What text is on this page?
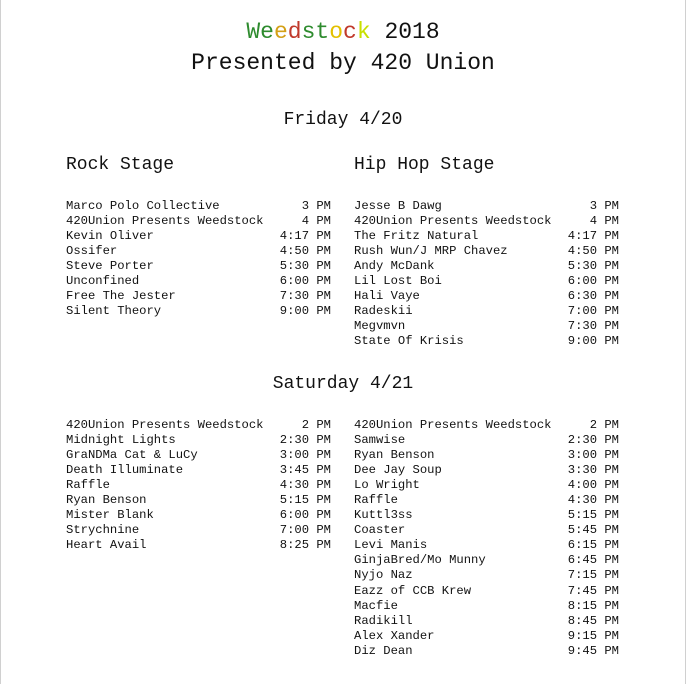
Weedstock 2018
Presented by 420 Union
Friday 4/20
Rock Stage	Hip Hop Stage
Marco Polo Collective	3 PM
420Union Presents Weedstock	4 PM
Kevin Oliver	4:17 PM
Ossifer	4:50 PM
Steve Porter	5:30 PM
Unconfined	6:00 PM
Free The Jester	7:30 PM
Silent Theory	9:00 PM
Jesse B Dawg	3 PM
420Union Presents Weedstock	4 PM
The Fritz Natural	4:17 PM
Rush Wun/J MRP Chavez	4:50 PM
Andy McDank	5:30 PM
Lil Lost Boi	6:00 PM
Hali Vaye	6:30 PM
Radeskii	7:00 PM
Megvmvn	7:30 PM
State Of Krisis	9:00 PM
Saturday 4/21
420Union Presents Weedstock	2 PM
Midnight Lights	2:30 PM
GraNDMa Cat & LuCy	3:00 PM
Death Illuminate	3:45 PM
Raffle	4:30 PM
Ryan Benson	5:15 PM
Mister Blank	6:00 PM
Strychnine	7:00 PM
Heart Avail	8:25 PM
420Union Presents Weedstock	2 PM
Samwise	2:30 PM
Ryan Benson	3:00 PM
Dee Jay Soup	3:30 PM
Lo Wright	4:00 PM
Raffle	4:30 PM
Kuttl3ss	5:15 PM
Coaster	5:45 PM
Levi Manis	6:15 PM
GinjaBred/Mo Munny	6:45 PM
Nyjo Naz	7:15 PM
Eazz of CCB Krew	7:45 PM
Macfie	8:15 PM
Radikill	8:45 PM
Alex Xander	9:15 PM
Diz Dean	9:45 PM
